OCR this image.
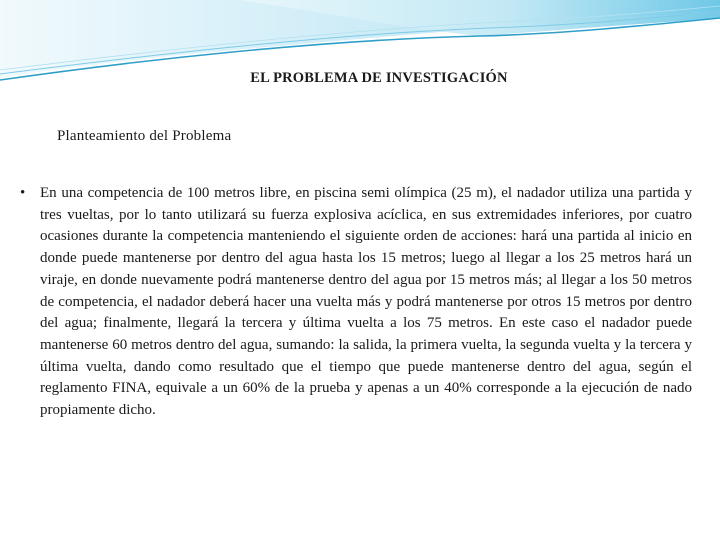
EL PROBLEMA DE INVESTIGACIÓN
Planteamiento del Problema
• En una competencia de 100 metros libre, en piscina semi olímpica (25 m), el nadador utiliza una partida y tres vueltas, por lo tanto utilizará su fuerza explosiva acíclica, en sus extremidades inferiores, por cuatro ocasiones durante la competencia manteniendo el siguiente orden de acciones: hará una partida al inicio en donde puede mantenerse por dentro del agua hasta los 15 metros; luego al llegar a los 25 metros hará un viraje, en donde nuevamente podrá mantenerse dentro del agua por 15 metros más; al llegar a los 50 metros de competencia, el nadador deberá hacer una vuelta más y podrá mantenerse por otros 15 metros por dentro del agua; finalmente, llegará la tercera y última vuelta a los 75 metros. En este caso el nadador puede mantenerse 60 metros dentro del agua, sumando: la salida, la primera vuelta, la segunda vuelta y la tercera y última vuelta, dando como resultado que el tiempo que puede mantenerse dentro del agua, según el reglamento FINA, equivale a un 60% de la prueba y apenas a un 40% corresponde a la ejecución de nado propiamente dicho.
